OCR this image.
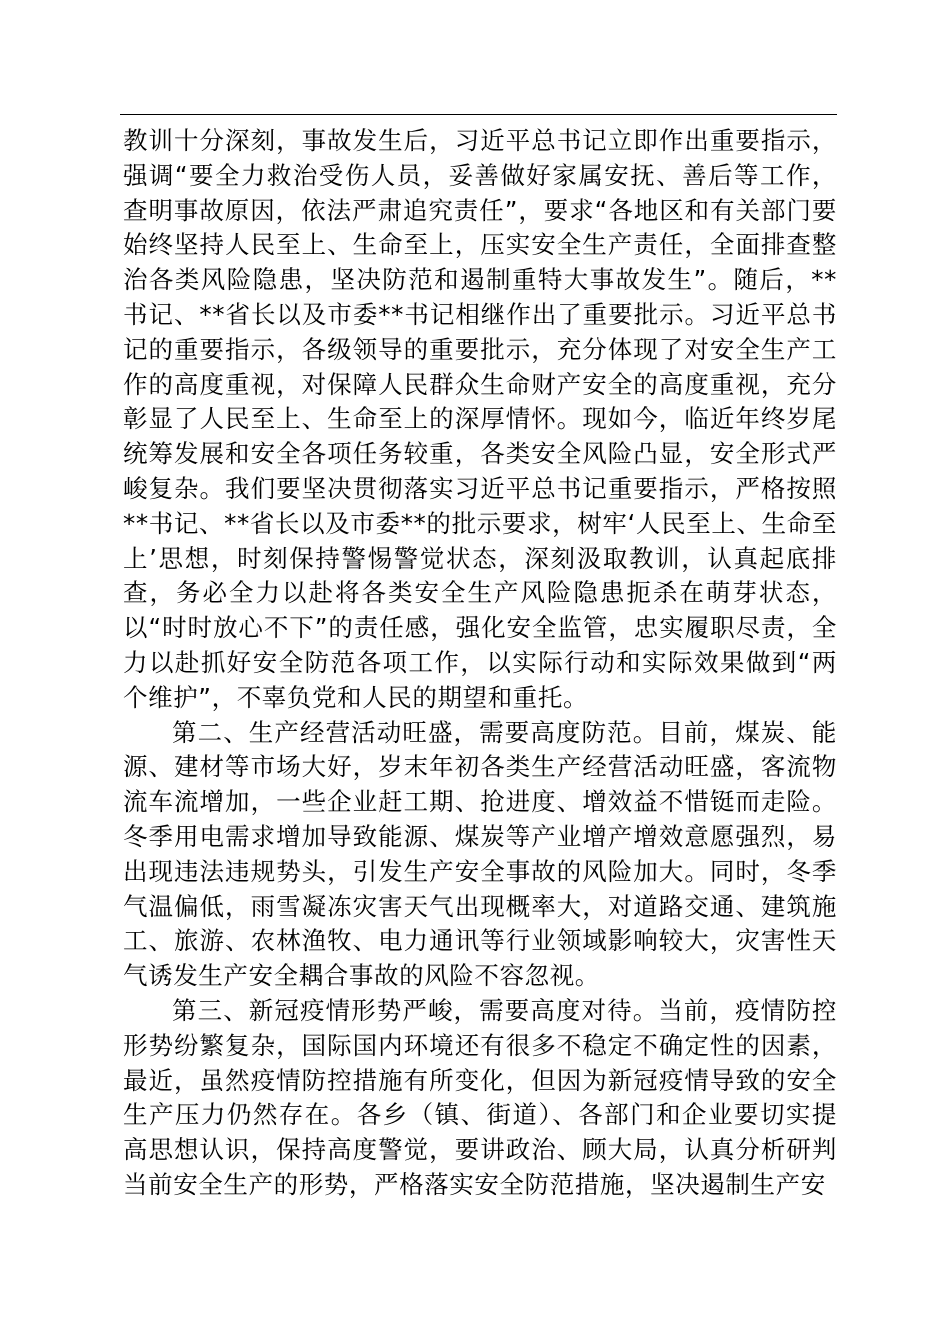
教训十分深刻，事故发生后，习近平总书记立即作出重要指示，强调“要全力救治受伤人员，妥善做好家属安抚、善后等工作，查明事故原因，依法严肃追究责任”，要求“各地区和有关部门要始终坚持人民至上、生命至上，压实安全生产责任，全面排查整治各类风险隐患，坚决防范和遏制重特大事故发生”。随后，**书记、**省长以及市委**书记相继作出了重要批示。习近平总书记的重要指示，各级领导的重要批示，充分体现了对安全生产工作的高度重视，对保障人民群众生命财产安全的高度重视，充分彰显了人民至上、生命至上的深厚情怀。现如今，临近年终岁尾统筹发展和安全各项任务较重，各类安全风险凸显，安全形式严峻复杂。我们要坚决贯彻落实习近平总书记重要指示，严格按照**书记、**省长以及市委**的批示要求，树牢‘人民至上、生命至上’思想，时刻保持警惕警觉状态，深刻汲取教训，认真起底排查，务必全力以赴将各类安全生产风险隐患扼杀在萌芽状态，以“时时放心不下”的责任感，强化安全监管，忠实履职尽责，全力以赴抓好安全防范各项工作，以实际行动和实际效果做到“两个维护”，不辜负党和人民的期望和重托。

第二、生产经营活动旺盛，需要高度防范。目前，煤炭、能源、建材等市场大好，岁末年初各类生产经营活动旺盛，客流物流车流增加，一些企业赶工期、抢进度、增效益不惜铤而走险。冬季用电需求增加导致能源、煤炭等产业增产增效意愿强烈，易出现违法违规势头，引发生产安全事故的风险加大。同时，冬季气温偏低，雨雪凝冻灾害天气出现概率大，对道路交通、建筑施工、旅游、农林渔牧、电力通讯等行业领域影响较大，灾害性天气诱发生产安全耦合事故的风险不容忽视。

第三、新冠疫情形势严峻，需要高度对待。当前，疫情防控形势纷繁复杂，国际国内环境还有很多不稳定不确定性的因素，最近，虽然疫情防控措施有所变化，但因为新冠疫情导致的安全生产压力仍然存在。各乡（镇、街道）、各部门和企业要切实提高思想认识，保持高度警觉，要讲政治、顾大局，认真分析研判当前安全生产的形势，严格落实安全防范措施，坚决遏制生产安
